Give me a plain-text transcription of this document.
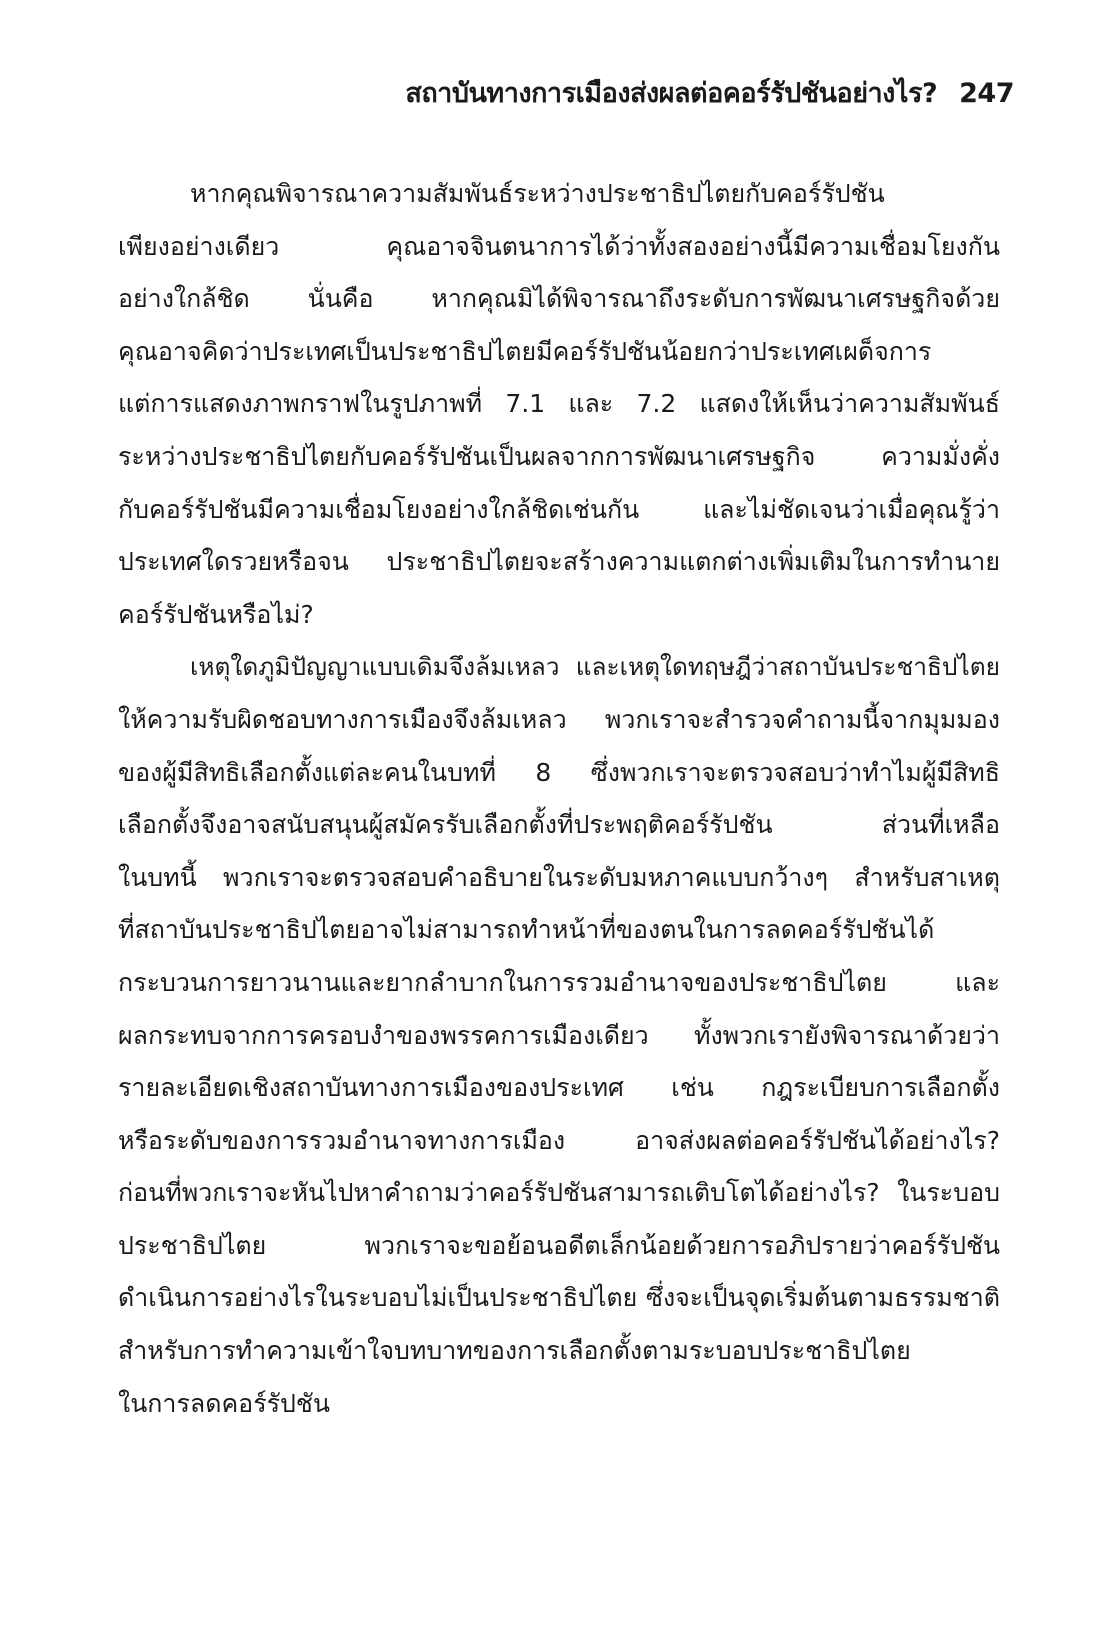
สถาบันทางการเมืองส่งผลต่อคอร์รัปชันอย่างไร? 247
หากคุณพิจารณาความสัมพันธ์ระหว่างประชาธิปไตยกับคอร์รัปชัน
เพียงอย่างเดียว คุณอาจจินตนาการได้ว่าทั้งสองอย่างนี้มีความเชื่อมโยงกัน
อย่างใกล้ชิด นั่นคือ หากคุณมิได้พิจารณาถึงระดับการพัฒนาเศรษฐกิจด้วย
คุณอาจคิดว่าประเทศเป็นประชาธิปไตยมีคอร์รัปชันน้อยกว่าประเทศเผด็จการ
แต่การแสดงภาพกราฟในรูปภาพที่ 7.1 และ 7.2 แสดงให้เห็นว่าความสัมพันธ์
ระหว่างประชาธิปไตยกับคอร์รัปชันเป็นผลจากการพัฒนาเศรษฐกิจ ความมั่งคั่ง
กับคอร์รัปชันมีความเชื่อมโยงอย่างใกล้ชิดเช่นกัน และไม่ชัดเจนว่าเมื่อคุณรู้ว่า
ประเทศใดรวยหรือจน ประชาธิปไตยจะสร้างความแตกต่างเพิ่มเติมในการทำนาย
คอร์รัปชันหรือไม่?
เหตุใดภูมิปัญญาแบบเดิมจึงล้มเหลว และเหตุใดทฤษฎีว่าสถาบันประชาธิปไตย
ให้ความรับผิดชอบทางการเมืองจึงล้มเหลว พวกเราจะสำรวจคำถามนี้จากมุมมอง
ของผู้มีสิทธิเลือกตั้งแต่ละคนในบทที่ 8 ซึ่งพวกเราจะตรวจสอบว่าทำไมผู้มีสิทธิ
เลือกตั้งจึงอาจสนับสนุนผู้สมัครรับเลือกตั้งที่ประพฤติคอร์รัปชัน ส่วนที่เหลือ
ในบทนี้ พวกเราจะตรวจสอบคำอธิบายในระดับมหภาคแบบกว้างๆ สำหรับสาเหตุ
ที่สถาบันประชาธิปไตยอาจไม่สามารถทำหน้าที่ของตนในการลดคอร์รัปชันได้
กระบวนการยาวนานและยากลำบากในการรวมอำนาจของประชาธิปไตย และ
ผลกระทบจากการครอบงำของพรรคการเมืองเดียว ทั้งพวกเรายังพิจารณาด้วยว่า
รายละเอียดเชิงสถาบันทางการเมืองของประเทศ เช่น กฎระเบียบการเลือกตั้ง
หรือระดับของการรวมอำนาจทางการเมือง อาจส่งผลต่อคอร์รัปชันได้อย่างไร?
ก่อนที่พวกเราจะหันไปหาคำถามว่าคอร์รัปชันสามารถเติบโตได้อย่างไร? ในระบอบ
ประชาธิปไตย พวกเราจะขอย้อนอดีตเล็กน้อยด้วยการอภิปรายว่าคอร์รัปชัน
ดำเนินการอย่างไรในระบอบไม่เป็นประชาธิปไตย ซึ่งจะเป็นจุดเริ่มต้นตามธรรมชาติ
สำหรับการทำความเข้าใจบทบาทของการเลือกตั้งตามระบอบประชาธิปไตย
ในการลดคอร์รัปชัน
